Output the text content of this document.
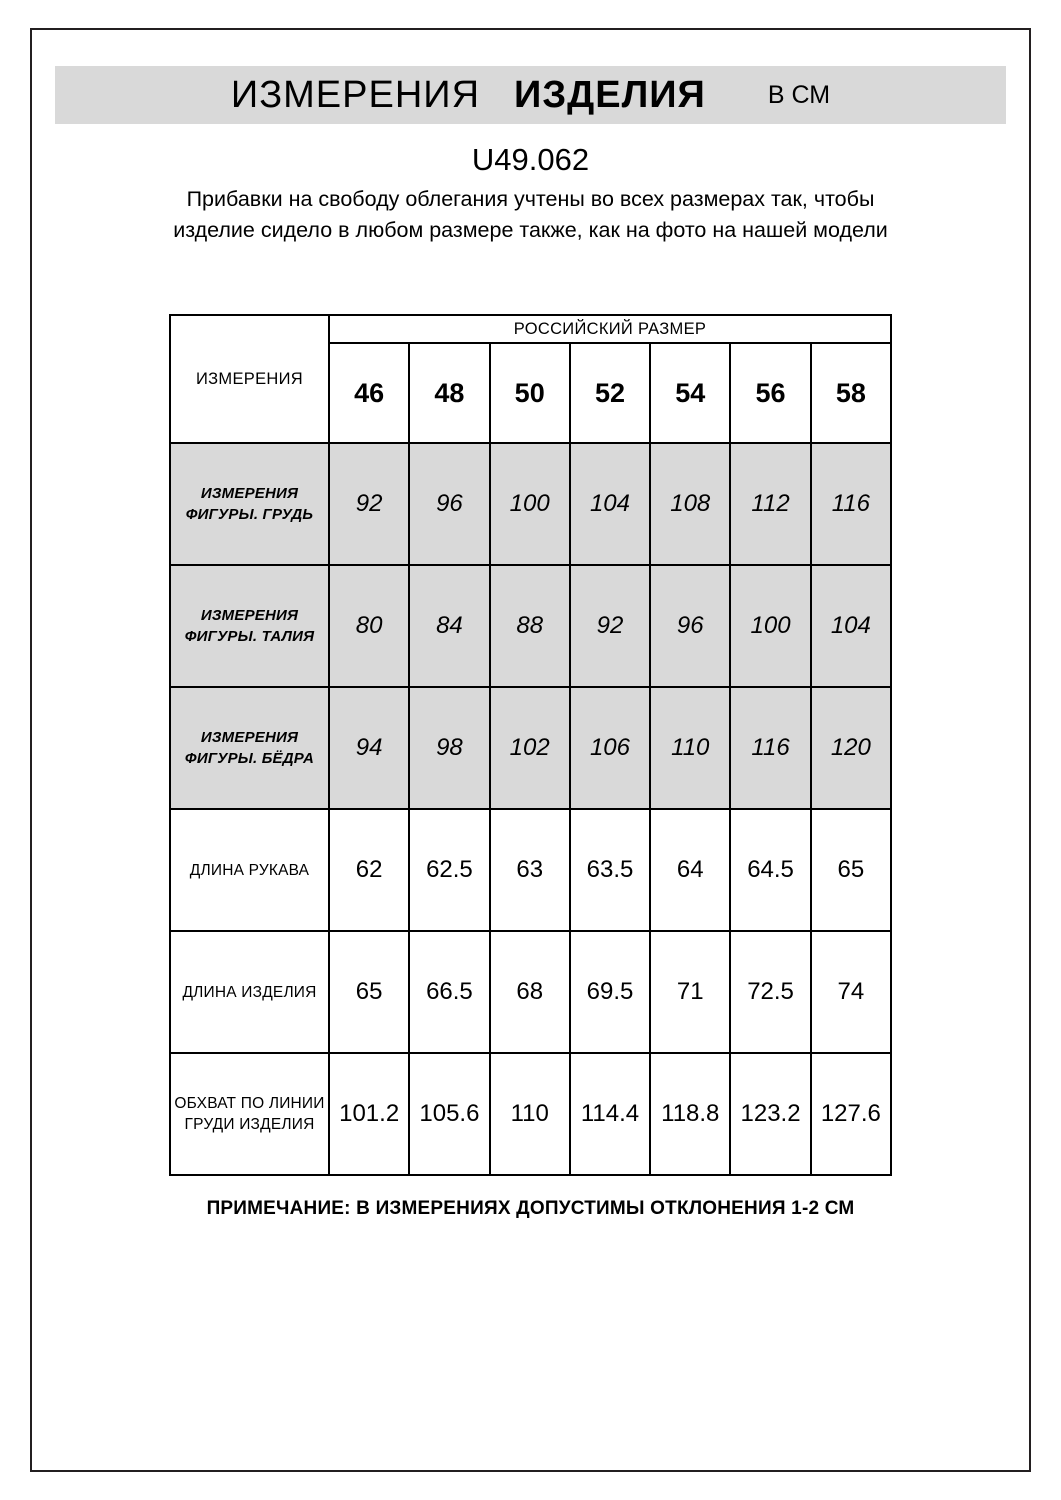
ИЗМЕРЕНИЯ ИЗДЕЛИЯ В СМ
U49.062
Прибавки на свободу облегания учтены во всех размерах так, чтобы изделие сидело в любом размере также, как на фото на нашей модели
ИЗМЕРЕНИЯ	РОССИЙСКИЙ РАЗМЕР						
	46	48	50	52	54	56	58
ИЗМЕРЕНИЯ ФИГУРЫ. ГРУДЬ	92	96	100	104	108	112	116
ИЗМЕРЕНИЯ ФИГУРЫ. ТАЛИЯ	80	84	88	92	96	100	104
ИЗМЕРЕНИЯ ФИГУРЫ. БЁДРА	94	98	102	106	110	116	120
ДЛИНА РУКАВА	62	62.5	63	63.5	64	64.5	65
ДЛИНА ИЗДЕЛИЯ	65	66.5	68	69.5	71	72.5	74
ОБХВАТ ПО ЛИНИИ ГРУДИ ИЗДЕЛИЯ	101.2	105.6	110	114.4	118.8	123.2	127.6
ПРИМЕЧАНИЕ: В ИЗМЕРЕНИЯХ ДОПУСТИМЫ ОТКЛОНЕНИЯ 1-2 СМ
